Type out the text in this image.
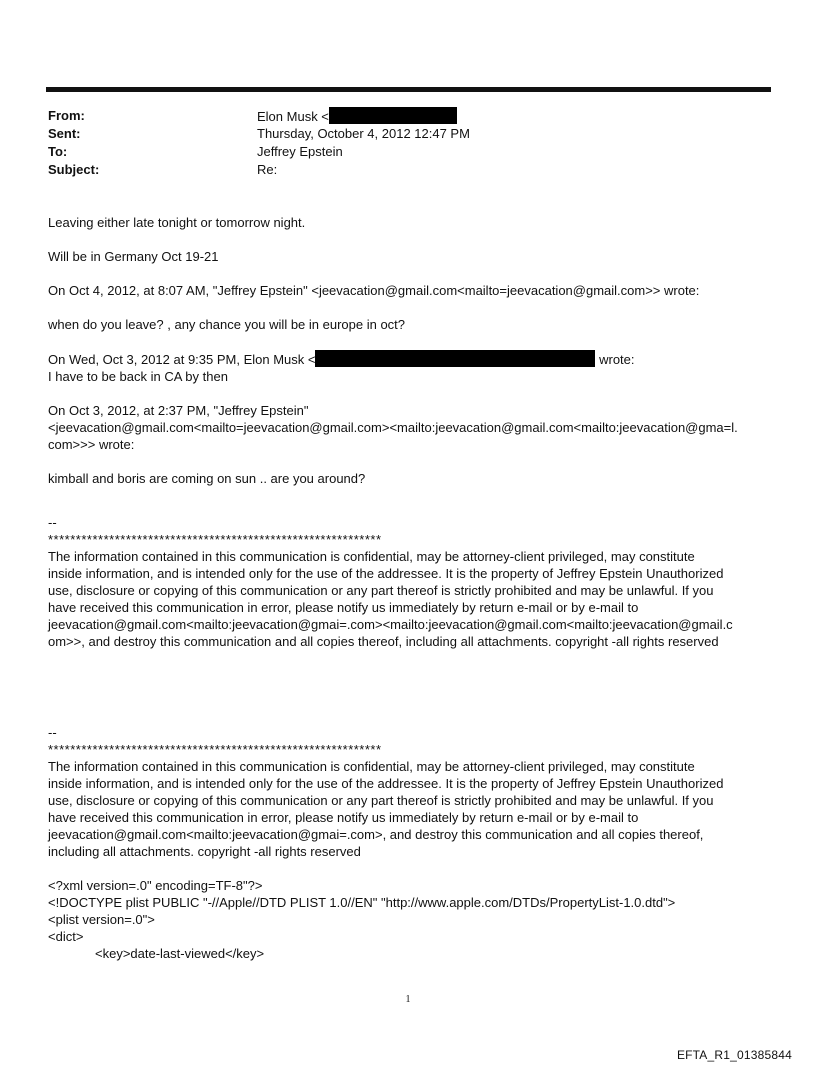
From:	Elon Musk <
Sent:	Thursday, October 4, 2012 12:47 PM
To:	Jeffrey Epstein
Subject:	Re:

Leaving either late tonight or tomorrow night.

Will be in Germany Oct 19-21

On Oct 4, 2012, at 8:07 AM, "Jeffrey Epstein" <jeevacation@gmail.com<mailto=jeevacation@gmail.com>> wrote:

when do you leave? , any chance you will be in europe in oct?

On Wed, Oct 3, 2012 at 9:35 PM, Elon Musk <	wrote:

I have to be back in CA by then

On Oct 3, 2012, at 2:37 PM, "Jeffrey Epstein"

<jeevacation@gmail.com<mailto=jeevacation@gmail.com><mailto:jeevacation@gmail.com<mailto:jeevacation@gma=l.

com>>> wrote:

kimball and boris are coming on sun .. are you around?

--

************************************************************

The information contained in this communication is confidential, may be attorney-client privileged, may constitute

inside information, and is intended only for the use of the addressee. It is the property of Jeffrey Epstein Unauthorized

use, disclosure or copying of this communication or any part thereof is strictly prohibited and may be unlawful. If you

have received this communication in error, please notify us immediately by return e-mail or by e-mail to

jeevacation@gmail.com<mailto:jeevacation@gmai=.com><mailto:jeevacation@gmail.com<mailto:jeevacation@gmail.c

om>>, and destroy this communication and all copies thereof, including all attachments. copyright -all rights reserved

--

************************************************************

The information contained in this communication is confidential, may be attorney-client privileged, may constitute

inside information, and is intended only for the use of the addressee. It is the property of Jeffrey Epstein Unauthorized

use, disclosure or copying of this communication or any part thereof is strictly prohibited and may be unlawful. If you

have received this communication in error, please notify us immediately by return e-mail or by e-mail to

jeevacation@gmail.com<mailto:jeevacation@gmai=.com>, and destroy this communication and all copies thereof,

including all attachments. copyright -all rights reserved

<?xml version=.0" encoding=TF-8"?>

<!DOCTYPE plist PUBLIC "-//Apple//DTD PLIST 1.0//EN" "http://www.apple.com/DTDs/PropertyList-1.0.dtd">

<plist version=.0">

<dict>

<key>date-last-viewed</key>

1
EFTA_R1_01385844
